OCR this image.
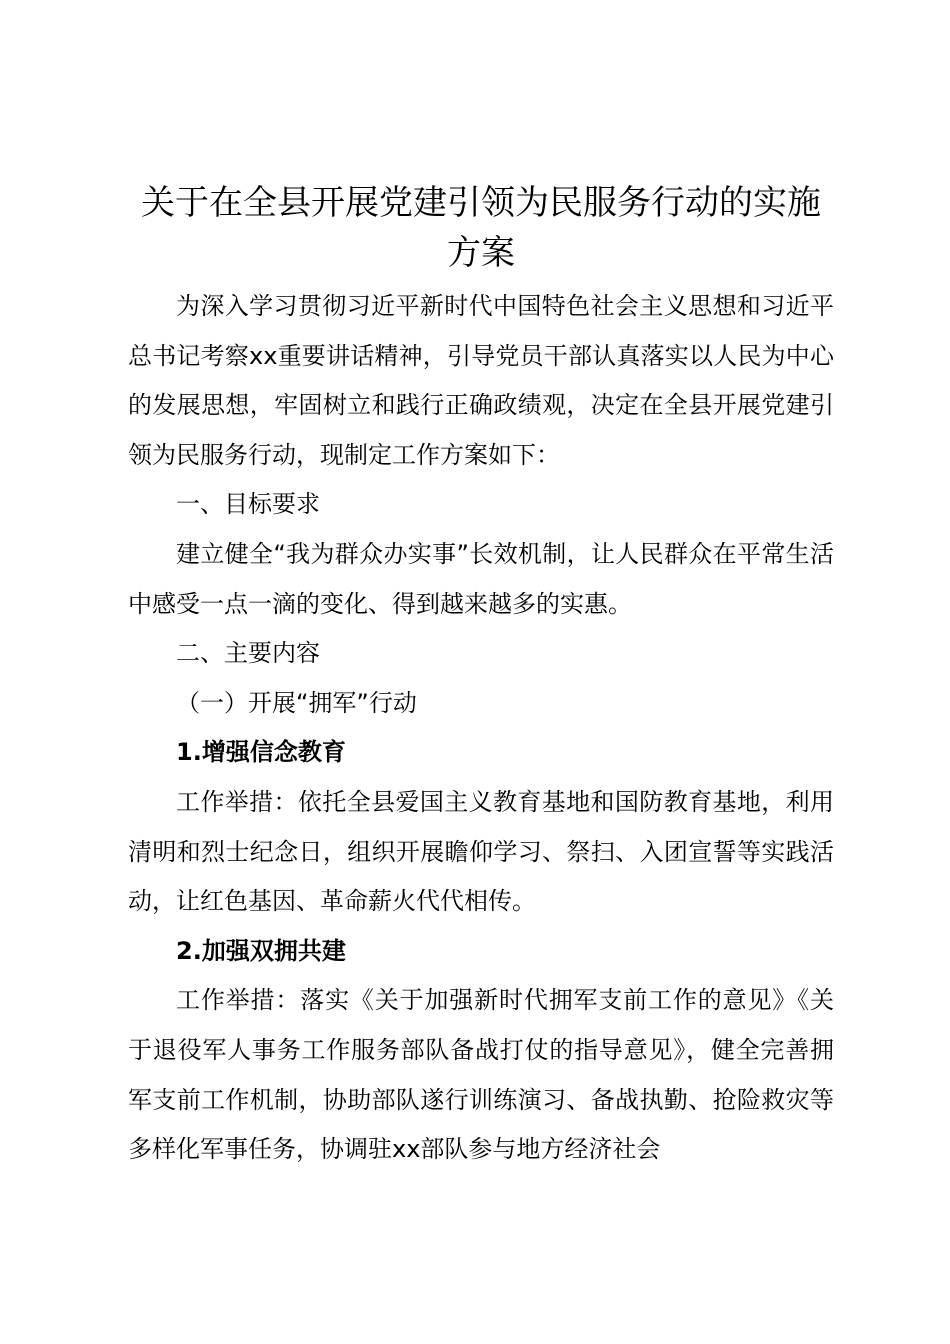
关于在全县开展党建引领为民服务行动的实施方案

为深入学习贯彻习近平新时代中国特色社会主义思想和习近平总书记考察xx重要讲话精神，引导党员干部认真落实以人民为中心的发展思想，牢固树立和践行正确政绩观，决定在全县开展党建引领为民服务行动，现制定工作方案如下：

一、目标要求

建立健全“我为群众办实事”长效机制，让人民群众在平常生活中感受一点一滴的变化、得到越来越多的实惠。

二、主要内容

（一）开展“拥军”行动

1.增强信念教育

工作举措：依托全县爱国主义教育基地和国防教育基地，利用清明和烈士纪念日，组织开展瞻仰学习、祭扫、入团宣誓等实践活动，让红色基因、革命薪火代代相传。

2.加强双拥共建

工作举措：落实《关于加强新时代拥军支前工作的意见》《关于退役军人事务工作服务部队备战打仗的指导意见》，健全完善拥军支前工作机制，协助部队遂行训练演习、备战执勤、抢险救灾等多样化军事任务，协调驻xx部队参与地方经济社会
